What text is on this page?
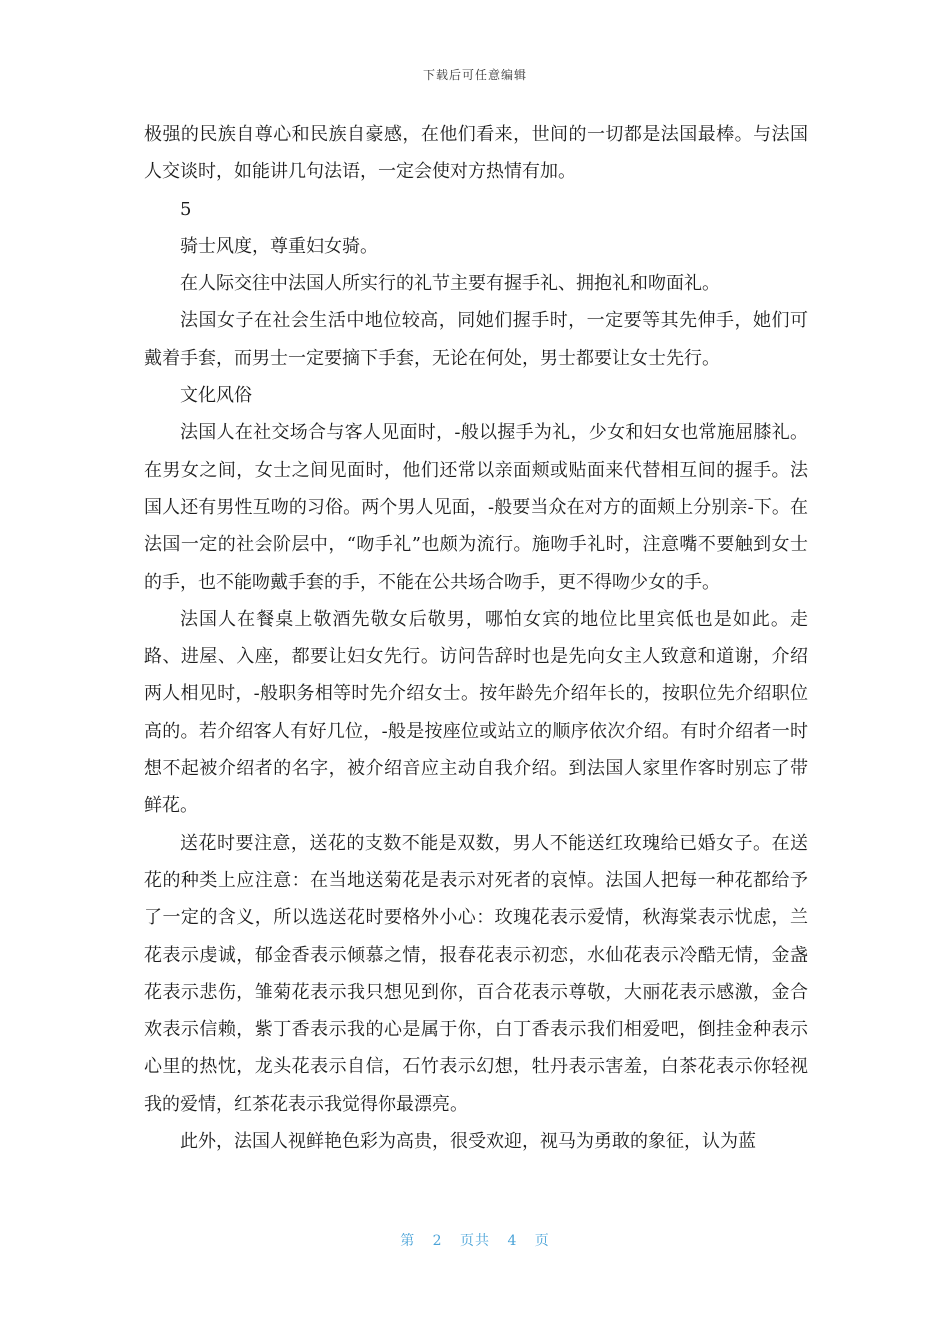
下载后可任意编辑

极强的民族自尊心和民族自豪感，在他们看来，世间的一切都是法国最棒。与法国人交谈时，如能讲几句法语，一定会使对方热情有加。

5

骑士风度，尊重妇女骑。

在人际交往中法国人所实行的礼节主要有握手礼、拥抱礼和吻面礼。

法国女子在社会生活中地位较高，同她们握手时，一定要等其先伸手，她们可戴着手套，而男士一定要摘下手套，无论在何处，男士都要让女士先行。

文化风俗

法国人在社交场合与客人见面时，-般以握手为礼，少女和妇女也常施屈膝礼。在男女之间，女士之间见面时，他们还常以亲面颊或贴面来代替相互间的握手。法国人还有男性互吻的习俗。两个男人见面，-般要当众在对方的面颊上分别亲-下。在法国一定的社会阶层中，“吻手礼”也颇为流行。施吻手礼时，注意嘴不要触到女士的手，也不能吻戴手套的手，不能在公共场合吻手，更不得吻少女的手。

法国人在餐桌上敬酒先敬女后敬男，哪怕女宾的地位比里宾低也是如此。走路、进屋、入座，都要让妇女先行。访问告辞时也是先向女主人致意和道谢，介绍两人相见时，-般职务相等时先介绍女士。按年龄先介绍年长的，按职位先介绍职位高的。若介绍客人有好几位，-般是按座位或站立的顺序依次介绍。有时介绍者一时想不起被介绍者的名字，被介绍音应主动自我介绍。到法国人家里作客时别忘了带鲜花。

送花时要注意，送花的支数不能是双数，男人不能送红玫瑰给已婚女子。在送花的种类上应注意：在当地送菊花是表示对死者的哀悼。法国人把每一种花都给予了一定的含义，所以选送花时要格外小心：玫瑰花表示爱情，秋海棠表示忧虑，兰花表示虔诚，郁金香表示倾慕之情，报春花表示初恋，水仙花表示冷酷无情，金盏花表示悲伤，雏菊花表示我只想见到你，百合花表示尊敬，大丽花表示感激，金合欢表示信赖，紫丁香表示我的心是属于你，白丁香表示我们相爱吧，倒挂金种表示心里的热忱，龙头花表示自信，石竹表示幻想，牡丹表示害羞，白茶花表示你轻视我的爱情，红茶花表示我觉得你最漂亮。

此外，法国人视鲜艳色彩为高贵，很受欢迎，视马为勇敢的象征，认为蓝

第 2 页共 4 页
